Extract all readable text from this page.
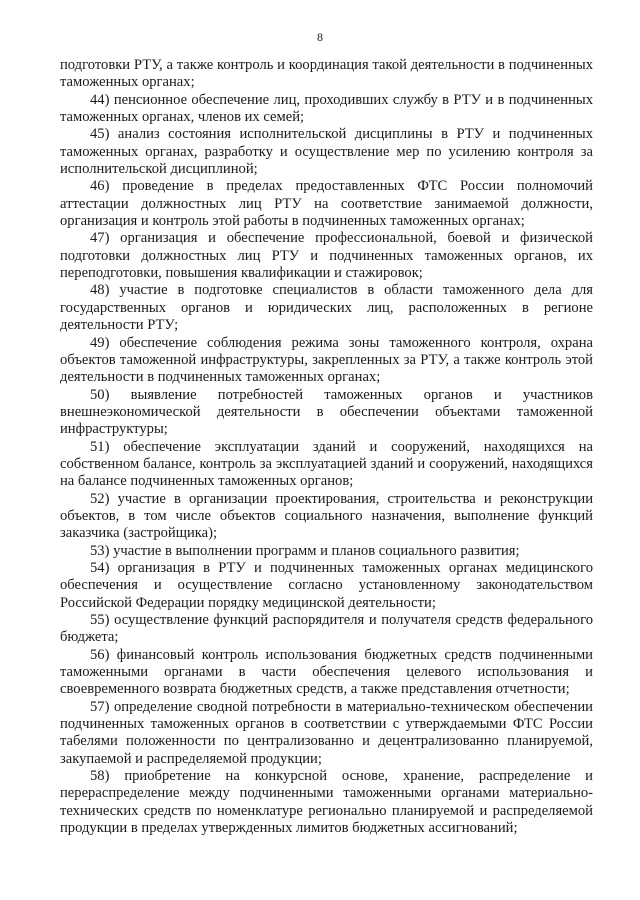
8

подготовки РТУ, а также контроль и координация такой деятельности в подчиненных таможенных органах;

44) пенсионное обеспечение лиц, проходивших службу в РТУ и в подчиненных таможенных органах, членов их семей;

45) анализ состояния исполнительской дисциплины в РТУ и подчиненных таможенных органах, разработку и осуществление мер по усилению контроля за исполнительской дисциплиной;

46) проведение в пределах предоставленных ФТС России полномочий аттестации должностных лиц РТУ на соответствие занимаемой должности, организация и контроль этой работы в подчиненных таможенных органах;

47) организация и обеспечение профессиональной, боевой и физической подготовки должностных лиц РТУ и подчиненных таможенных органов, их переподготовки, повышения квалификации и стажировок;

48) участие в подготовке специалистов в области таможенного дела для государственных органов и юридических лиц, расположенных в регионе деятельности РТУ;

49) обеспечение соблюдения режима зоны таможенного контроля, охрана объектов таможенной инфраструктуры, закрепленных за РТУ, а также контроль этой деятельности в подчиненных таможенных органах;

50) выявление потребностей таможенных органов и участников внешнеэкономической деятельности в обеспечении объектами таможенной инфраструктуры;

51) обеспечение эксплуатации зданий и сооружений, находящихся на собственном балансе, контроль за эксплуатацией зданий и сооружений, находящихся на балансе подчиненных таможенных органов;

52) участие в организации проектирования, строительства и реконструкции объектов, в том числе объектов социального назначения, выполнение функций заказчика (застройщика);

53) участие в выполнении программ и планов социального развития;

54) организация в РТУ и подчиненных таможенных органах медицинского обеспечения и осуществление согласно установленному законодательством Российской Федерации порядку медицинской деятельности;

55) осуществление функций распорядителя и получателя средств федерального бюджета;

56) финансовый контроль использования бюджетных средств подчиненными таможенными органами в части обеспечения целевого использования и своевременного возврата бюджетных средств, а также представления отчетности;

57) определение сводной потребности в материально-техническом обеспечении подчиненных таможенных органов в соответствии с утверждаемыми ФТС России табелями положенности по централизованно и децентрализованно планируемой, закупаемой и распределяемой продукции;

58) приобретение на конкурсной основе, хранение, распределение и перераспределение между подчиненными таможенными органами материально-технических средств по номенклатуре регионально планируемой и распределяемой продукции в пределах утвержденных лимитов бюджетных ассигнований;
